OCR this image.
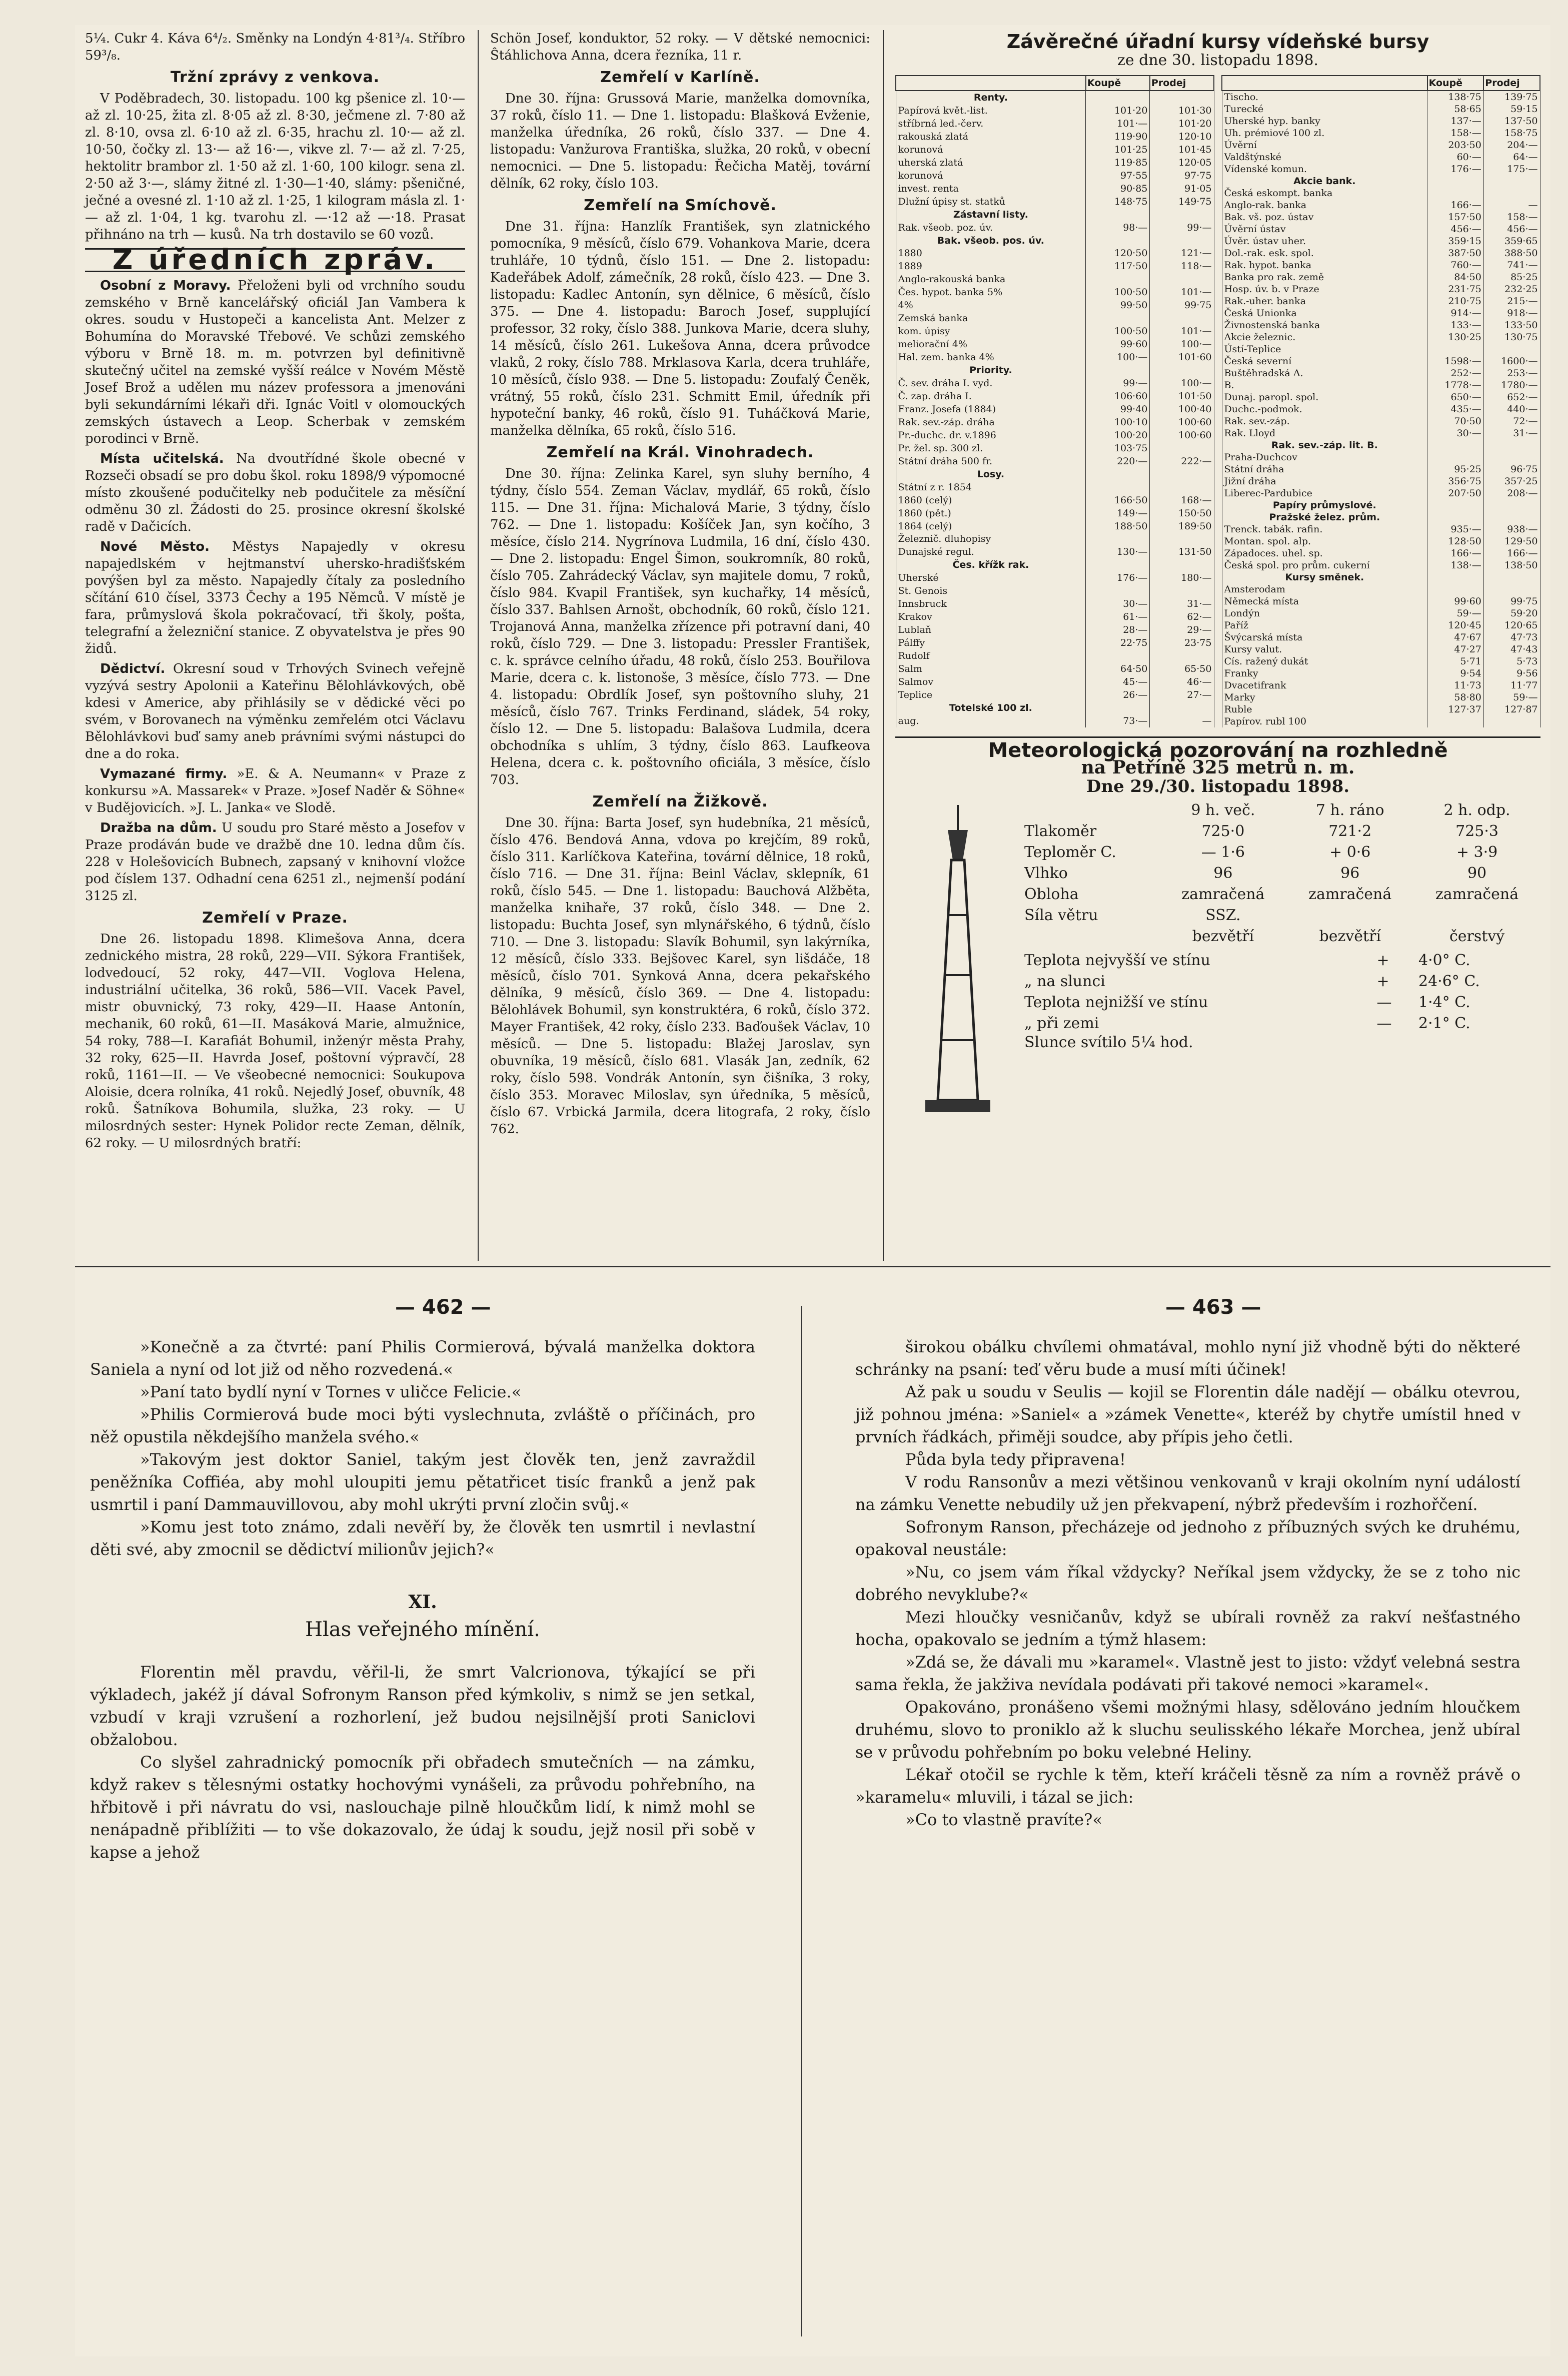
5¼. Cukr 4. Káva 6⁴/₂. Směnky na Londýn 4·81³/₄. Stříbro 59³/₈.

Tržní zprávy z venkova.

V Poděbradech, 30. listopadu. 100 kg pšenice zl. 10·— až zl. 10·25, žita zl. 8·05 až zl. 8·30, ječmene zl. 7·80 až zl. 8·10, ovsa zl. 6·10 až zl. 6·35, hrachu zl. 10·— až zl. 10·50, čočky zl. 13·— až 16·—, vikve zl. 7·— až zl. 7·25, hektolitr brambor zl. 1·50 až zl. 1·60, 100 kilogr. sena zl. 2·50 až 3·—, slámy žitné zl. 1·30—1·40, slámy: pšeničné, ječné a ovesné zl. 1·10 až zl. 1·25, 1 kilogram másla zl. 1·— až zl. 1·04, 1 kg. tvarohu zl. —·12 až —·18. Prasat přihnáno na trh — kusů. Na trh dostavilo se 60 vozů.

Z úředních zpráv.

Osobní z Moravy. Přeloženi byli od vrchního soudu zemského v Brně kancelářský oficiál Jan Vambera k okres. soudu v Hustopeči a kancelista Ant. Melzer z Bohumína do Moravské Třebové. Ve schůzi zemského výboru v Brně 18. m. m. potvrzen byl definitivně skutečný učitel na zemské vyšší reálce v Novém Městě Josef Brož a udělen mu název professora a jmenováni byli sekundárními lékaři dři. Ignác Voitl v olomouckých zemských ústavech a Leop. Scherbak v zemském porodinci v Brně.

Místa učitelská. Na dvoutřídné škole obecné v Rozseči obsadí se pro dobu škol. roku 1898/9 výpomocné místo zkoušené podučitelky neb podučitele za měsíční odměnu 30 zl. Žádosti do 25. prosince okresní školské radě v Dačicích.

Nové Město. Městys Napajedly v okresu napajedlském v hejtmanství uhersko-hradišťském povýšen byl za město. Napajedly čítaly za posledního sčítání 610 čísel, 3373 Čechy a 195 Němců. V místě je fara, průmyslová škola pokračovací, tři školy, pošta, telegrafní a železniční stanice. Z obyvatelstva je přes 90 židů.

Dědictví. Okresní soud v Trhových Svinech veřejně vyzývá sestry Apolonii a Kateřinu Bělohlávkových, obě kdesi v Americe, aby přihlásily se v dědické věci po svém, v Borovanech na výměnku zemřelém otci Václavu Bělohlávkovi buď samy aneb právními svými nástupci do dne a do roka.

Vymazané firmy. »E. & A. Neumann« v Praze z konkursu »A. Massarek« v Praze. »Josef Naděr & Söhne« v Budějovicích. »J. L. Janka« ve Slodě.

Dražba na dům. U soudu pro Staré město a Josefov v Praze prodáván bude ve dražbě dne 10. ledna dům čís. 228 v Holešovicích Bubnech, zapsaný v knihovní vložce pod číslem 137. Odhadní cena 6251 zl., nejmenší podání 3125 zl.

Zemřelí v Praze.

Dne 26. listopadu 1898. Klimešova Anna, dcera zednického mistra, 28 roků, 229—VII. Sýkora František, lodvedoucí, 52 roky, 447—VII. Voglova Helena, industriální učitelka, 36 roků, 586—VII. Vacek Pavel, mistr obuvnický, 73 roky, 429—II. Haase Antonín, mechanik, 60 roků, 61—II. Masáková Marie, almužnice, 54 roky, 788—I. Karafiát Bohumil, inženýr města Prahy, 32 roky, 625—II. Havrda Josef, poštovní výpravčí, 28 roků, 1161—II. — Ve všeobecné nemocnici: Soukupova Aloisie, dcera rolníka, 41 roků. Nejedlý Josef, obuvník, 48 roků. Šatníkova Bohumila, služka, 23 roky. — U milosrdných sester: Hynek Polidor recte Zeman, dělník, 62 roky. — U milosrdných bratří:

Schön Josef, konduktor, 52 roky. — V dětské nemocnici: Ŝtáhlichova Anna, dcera řezníka, 11 r.

Zemřelí v Karlíně.

Dne 30. října: Grussová Marie, manželka domovníka, 37 roků, číslo 11. — Dne 1. listopadu: Blašková Evženie, manželka úředníka, 26 roků, číslo 337. — Dne 4. listopadu: Vanžurova Františka, služka, 20 roků, v obecní nemocnici. — Dne 5. listopadu: Řečicha Matěj, tovární dělník, 62 roky, číslo 103.

Zemřelí na Smíchově.

Dne 31. října: Hanzlík František, syn zlatnického pomocníka, 9 měsíců, číslo 679. Vohankova Marie, dcera truhláře, 10 týdnů, číslo 151. — Dne 2. listopadu: Kadeřábek Adolf, zámečník, 28 roků, číslo 423. — Dne 3. listopadu: Kadlec Antonín, syn dělnice, 6 měsíců, číslo 375. — Dne 4. listopadu: Baroch Josef, supplující professor, 32 roky, číslo 388. Junkova Marie, dcera sluhy, 14 měsíců, číslo 261. Lukešova Anna, dcera průvodce vlaků, 2 roky, číslo 788. Mrklasova Karla, dcera truhláře, 10 měsíců, číslo 938. — Dne 5. listopadu: Zoufalý Čeněk, vrátný, 55 roků, číslo 231. Schmitt Emil, úředník při hypoteční banky, 46 roků, číslo 91. Tuháčková Marie, manželka dělníka, 65 roků, číslo 516.

Zemřelí na Král. Vinohradech.

Dne 30. října: Zelinka Karel, syn sluhy berního, 4 týdny, číslo 554. Zeman Václav, mydlář, 65 roků, číslo 115. — Dne 31. října: Michalová Marie, 3 týdny, číslo 762. — Dne 1. listopadu: Košíček Jan, syn kočího, 3 měsíce, číslo 214. Nygrínova Ludmila, 16 dní, číslo 430. — Dne 2. listopadu: Engel Šimon, soukromník, 80 roků, číslo 705. Zahrádecký Václav, syn majitele domu, 7 roků, číslo 984. Kvapil František, syn kuchařky, 14 měsíců, číslo 337. Bahlsen Arnošt, obchodník, 60 roků, číslo 121. Trojanová Anna, manželka zřízence při potravní dani, 40 roků, číslo 729. — Dne 3. listopadu: Pressler František, c. k. správce celního úřadu, 48 roků, číslo 253. Bouřilova Marie, dcera c. k. listonoše, 3 měsíce, číslo 773. — Dne 4. listopadu: Obrdlík Josef, syn poštovního sluhy, 21 měsíců, číslo 767. Trinks Ferdinand, sládek, 54 roky, číslo 12. — Dne 5. listopadu: Balašova Ludmila, dcera obchodníka s uhlím, 3 týdny, číslo 863. Laufkeova Helena, dcera c. k. poštovního oficiála, 3 měsíce, číslo 703.

Zemřelí na Žižkově.

Dne 30. října: Barta Josef, syn hudebníka, 21 měsíců, číslo 476. Bendová Anna, vdova po krejčím, 89 roků, číslo 311. Karlíčkova Kateřina, tovární dělnice, 18 roků, číslo 716. — Dne 31. října: Beinl Václav, sklepník, 61 roků, číslo 545. — Dne 1. listopadu: Bauchová Alžběta, manželka knihaře, 37 roků, číslo 348. — Dne 2. listopadu: Buchta Josef, syn mlynářského, 6 týdnů, číslo 710. — Dne 3. listopadu: Slavík Bohumil, syn lakýrníka, 12 měsíců, číslo 333. Bejšovec Karel, syn lišdáče, 18 měsíců, číslo 701. Synková Anna, dcera pekařského dělníka, 9 měsíců, číslo 369. — Dne 4. listopadu: Bělohlávek Bohumil, syn konstruktéra, 6 roků, číslo 372. Mayer František, 42 roky, číslo 233. Baďoušek Václav, 10 měsíců. — Dne 5. listopadu: Blažej Jaroslav, syn obuvníka, 19 měsíců, číslo 681. Vlasák Jan, zedník, 62 roky, číslo 598. Vondrák Antonín, syn čišníka, 3 roky, číslo 353. Moravec Miloslav, syn úředníka, 5 měsíců, číslo 67. Vrbická Jarmila, dcera litografa, 2 roky, číslo 762.

Závěrečné úřadní kursy vídeňské bursy
ze dne 30. listopadu 1898.
	Koupě	Prodej
Renty.		
Papírová květ.-list.	101·20	101·30
stříbrná led.-červ.	101·—	101·20
rakouská zlatá	119·90	120·10
korunová	101·25	101·45
uherská zlatá	119·85	120·05
korunová	97·55	97·75
invest. renta	90·85	91·05
Dlužní úpisy st. statků	148·75	149·75
Zástavní listy.		
Rak. všeob. poz. úv.	98·—	99·—
Bak. všeob. pos. úv.		
1880	120·50	121·—
1889	117·50	118·—
Anglo-rakouská banka		
Čes. hypot. banka 5%	100·50	101·—
4%	99·50	99·75
Zemská banka		
kom. úpisy	100·50	101·—
meliorační 4%	99·60	100·—
Hal. zem. banka 4%	100·—	101·60
Priority.		
Č. sev. dráha I. vyd.	99·—	100·—
Č. zap. dráha I.	106·60	101·50
Franz. Josefa (1884)	99·40	100·40
Rak. sev.-záp. dráha	100·10	100·60
Pr.-duchc. dr. v.1896	100·20	100·60
Pr. žel. sp. 300 zl.	103·75	
Státní dráha 500 fr.	220·—	222·—
Losy.		
Státní z r. 1854		
1860 (celý)	166·50	168·—
1860 (pět.)	149·—	150·50
1864 (celý)	188·50	189·50
Železnič. dluhopisy		
Dunajské regul.	130·—	131·50
Čes. křížk rak.		
Uherské	176·—	180·—
St. Genois		
Innsbruck	30·—	31·—
Krakov	61·—	62·—
Lublaň	28·—	29·—
Pálffy	22·75	23·75
Rudolf		
Salm	64·50	65·50
Salmov	45·—	46·—
Teplice	26·—	27·—
Totelské 100 zl.		
aug.	73·—	—
	Koupě	Prodej
Tischo.	138·75	139·75
Turecké	58·65	59·15
Uherské hyp. banky	137·—	137·50
Uh. prémiové 100 zl.	158·—	158·75
Úvěrní	203·50	204·—
Valdštýnské	60·—	64·—
Vídenské komun.	176·—	175·—
Akcie bank.		
Česká eskompt. banka		
Anglo-rak. banka	166·—	—
Bak. vš. poz. ústav	157·50	158·—
Úvěrní ústav	456·—	456·—
Úvěr. ústav uher.	359·15	359·65
Dol.-rak. esk. spol.	387·50	388·50
Rak. hypot. banka	760·—	741·—
Banka pro rak. země	84·50	85·25
Hosp. úv. b. v Praze	231·75	232·25
Rak.-uher. banka	210·75	215·—
Česká Unionka	914·—	918·—
Živnostenská banka	133·—	133·50
Akcie železnic.	130·25	130·75
Ústí-Teplice		
Česká severní	1598·—	1600·—
Buštěhradská A.	252·—	253·—
B.	1778·—	1780·—
Dunaj. paropl. spol.	650·—	652·—
Duchc.-podmok.	435·—	440·—
Rak. sev.-záp.	70·50	72·—
Rak. Lloyd	30·—	31·—
Rak. sev.-záp. lit. B.		
Praha-Duchcov		
Státní dráha	95·25	96·75
Jižní dráha	356·75	357·25
Liberec-Pardubice	207·50	208·—
Papíry průmyslové.		
Pražské želez. prům.		
Trenck. tabák. rafin.	935·—	938·—
Montan. spol. alp.	128·50	129·50
Západoces. uhel. sp.	166·—	166·—
Česká spol. pro prům. cukerní	138·—	138·50
Kursy směnek.		
Amsterodam		
Německá místa	99·60	99·75
Londýn	59·—	59·20
Paříž	120·45	120·65
Švýcarská místa	47·67	47·73
Kursy valut.	47·27	47·43
Cís. ražený dukát	5·71	5·73
Franky	9·54	9·56
Dvacetifrank	11·73	11·77
Marky	58·80	59·—
Ruble	127·37	127·87
Papírov. rubl 100		
Meteorologická pozorování na rozhledně
na Petříně 325 metrů n. m.
Dne 29./30. listopadu 1898.
	9 h. več.	7 h. ráno	2 h. odp.
Tlakoměr	725·0	721·2	725·3
Teploměr C.	— 1·6	+ 0·6	+ 3·9
Vlhko	96	96	90
Obloha	zamračená	zamračená	zamračená
Síla větru	SSZ.		
	bezvětří	bezvětří	čerstvý
Teplota nejvyšší ve stínu	+	4·0° C.
„ na slunci	+	24·6° C.
Teplota nejnižší ve stínu	—	1·4° C.
„ při zemi	—	2·1° C.
Slunce svítilo 5¼ hod.
— 462 —	— 463 —

»Konečně a za čtvrté: paní Philis Cormierová, bývalá manželka doktora Saniela a nyní od lot již od něho rozvedená.«

»Paní tato bydlí nyní v Tornes v uličce Felicie.«

»Philis Cormierová bude moci býti vyslechnuta, zvláště o příčinách, pro něž opustila někdejšího manžela svého.«

»Takovým jest doktor Saniel, takým jest člověk ten, jenž zavraždil peněžníka Coffiéa, aby mohl uloupiti jemu pětatřicet tisíc franků a jenž pak usmrtil i paní Dammauvillovou, aby mohl ukrýti první zločin svůj.«

»Komu jest toto známo, zdali nevěří by, že člověk ten usmrtil i nevlastní děti své, aby zmocnil se dědictví milionův jejich?«

XI.

Hlas veřejného mínění.

Florentin měl pravdu, věřil-li, že smrt Valcrionova, týkající se při výkladech, jakéž jí dával Sofronym Ranson před kýmkoliv, s nimž se jen setkal, vzbudí v kraji vzrušení a rozhorlení, jež budou nejsilnější proti Saniclovi obžalobou.

Co slyšel zahradnický pomocník při obřadech smutečních — na zámku, když rakev s tělesnými ostatky hochovými vynášeli, za průvodu pohřebního, na hřbitově i při návratu do vsi, naslouchaje pilně hloučkům lidí, k nimž mohl se nenápadně přiblížiti — to vše dokazovalo, že údaj k soudu, jejž nosil při sobě v kapse a jehož

širokou obálku chvílemi ohmatával, mohlo nyní již vhodně býti do některé schránky na psaní: teď věru bude a musí míti účinek!

Až pak u soudu v Seulis — kojil se Florentin dále nadějí — obálku otevrou, již pohnou jména: »Saniel« a »zámek Venette«, kteréž by chytře umístil hned v prvních řádkách, přiměji soudce, aby přípis jeho četli.

Půda byla tedy připravena!

V rodu Ransonův a mezi většinou venkovanů v kraji okolním nyní událostí na zámku Venette nebudily už jen překvapení, nýbrž především i rozhořčení.

Sofronym Ranson, přecházeje od jednoho z příbuzných svých ke druhému, opakoval neustále:

»Nu, co jsem vám říkal vždycky? Neříkal jsem vždycky, že se z toho nic dobrého nevyklube?«

Mezi hloučky vesničanův, když se ubírali rovněž za rakví nešťastného hocha, opakovalo se jedním a týmž hlasem:

»Zdá se, že dávali mu »karamel«. Vlastně jest to jisto: vždyť velebná sestra sama řekla, že jakživa nevídala podávati při takové nemoci »karamel«.

Opakováno, pronášeno všemi možnými hlasy, sdělováno jedním hloučkem druhému, slovo to proniklo až k sluchu seulisského lékaře Morchea, jenž ubíral se v průvodu pohřebním po boku velebné Heliny.

Lékař otočil se rychle k těm, kteří kráčeli těsně za ním a rovněž právě o »karamelu« mluvili, i tázal se jich:

»Co to vlastně pravíte?«
